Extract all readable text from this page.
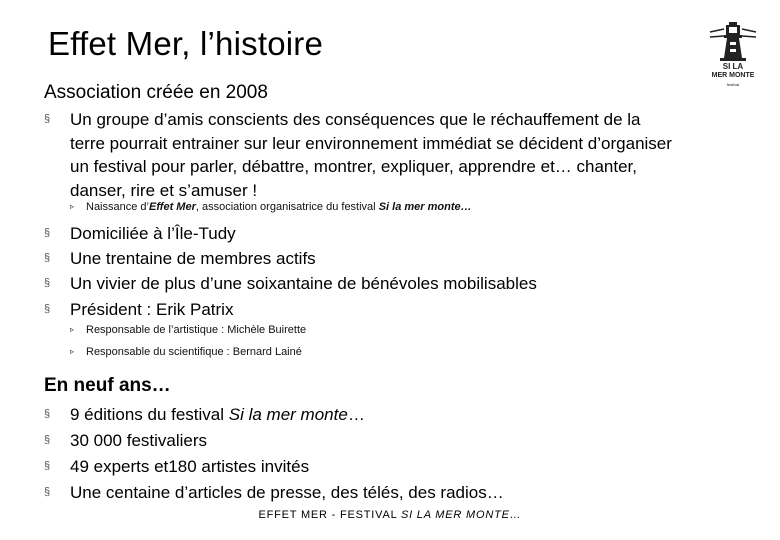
Effet Mer, l’histoire
SI LA
MER MONTE
festival
Association créée en 2008
§	Un groupe d’amis conscients des conséquences que le réchauffement de la
terre pourrait entrainer sur leur environnement immédiat se décident d’organiser
un festival pour parler, débattre, montrer, expliquer, apprendre et… chanter,
danser, rire et s’amuser !
▹ Naissance d’Effet Mer, association organisatrice du festival Si la mer monte…
§	Domiciliée à l’Île-Tudy
§	Une trentaine de membres actifs
§	Un vivier de plus d’une soixantaine de bénévoles mobilisables
§	Président : Erik Patrix
▹ Responsable de l’artistique : Michèle Buirette
▹ Responsable du scientifique : Bernard Lainé
En neuf ans…
§	9 éditions du festival Si la mer monte…
§	30 000 festivaliers
§	49 experts et180 artistes invités
§	Une centaine d’articles de presse, des télés, des radios…
EFFET MER - FESTIVAL SI LA MER MONTE…
